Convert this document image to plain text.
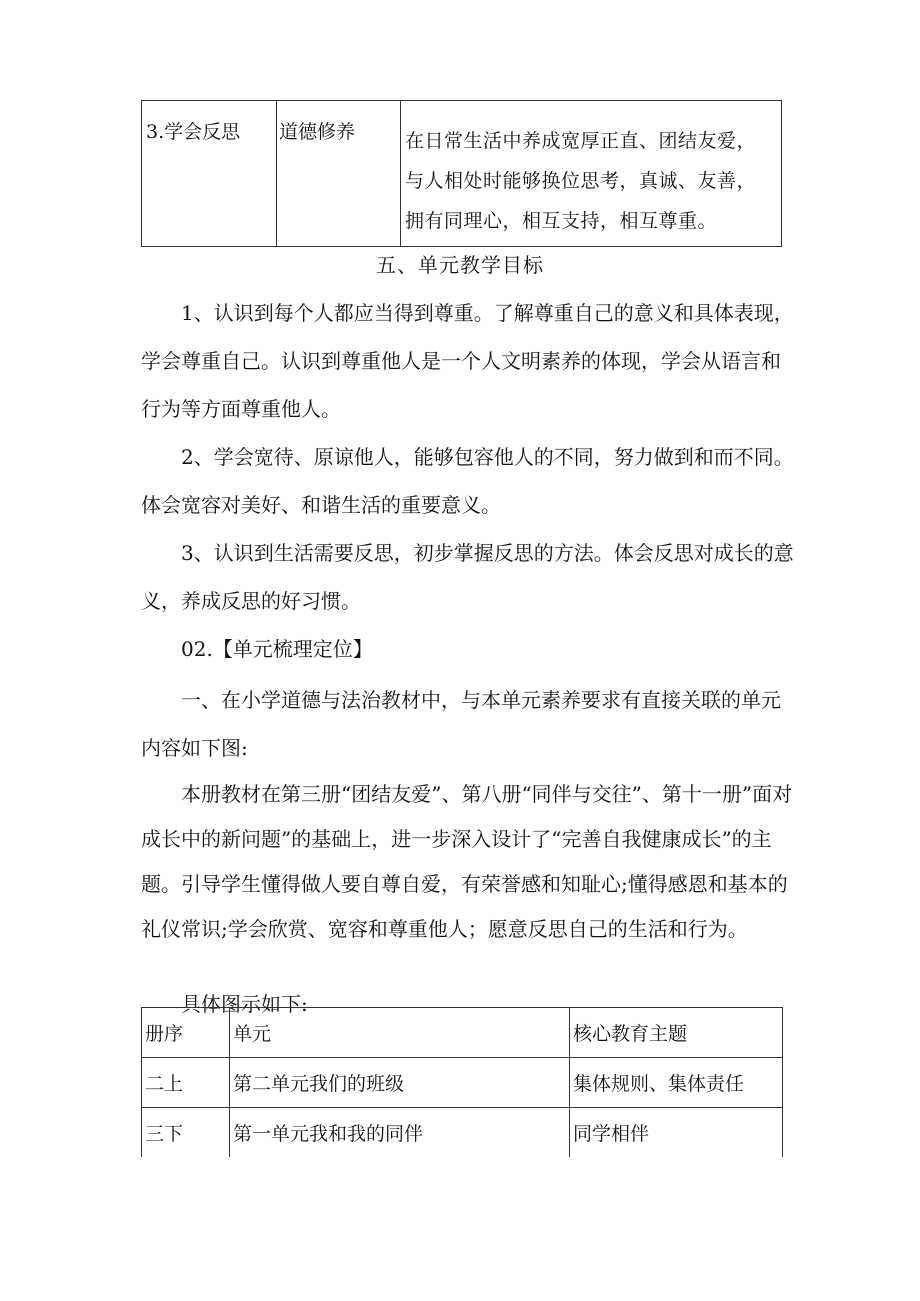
3.学会反思	道德修养	在日常生活中养成宽厚正直、团结友爱，与人相处时能够换位思考，真诚、友善，拥有同理心，相互支持，相互尊重。
五、单元教学目标

1、认识到每个人都应当得到尊重。了解尊重自己的意义和具体表现，学会尊重自己。认识到尊重他人是一个人文明素养的体现，学会从语言和行为等方面尊重他人。

2、学会宽待、原谅他人，能够包容他人的不同，努力做到和而不同。体会宽容对美好、和谐生活的重要意义。

3、认识到生活需要反思，初步掌握反思的方法。体会反思对成长的意义，养成反思的好习惯。

02.【单元梳理定位】

一、在小学道德与法治教材中，与本单元素养要求有直接关联的单元内容如下图:

本册教材在第三册“团结友爱”、第八册“同伴与交往”、第十一册”面对成长中的新问题”的基础上，进一步深入设计了“完善自我健康成长”的主题。引导学生懂得做人要自尊自爱，有荣誉感和知耻心;懂得感恩和基本的礼仪常识;学会欣赏、宽容和尊重他人；愿意反思自己的生活和行为。

具体图示如下:

册序	单元	核心教育主题
二上	第二单元我们的班级	集体规则、集体责任
三下	第一单元我和我的同伴	同学相伴
